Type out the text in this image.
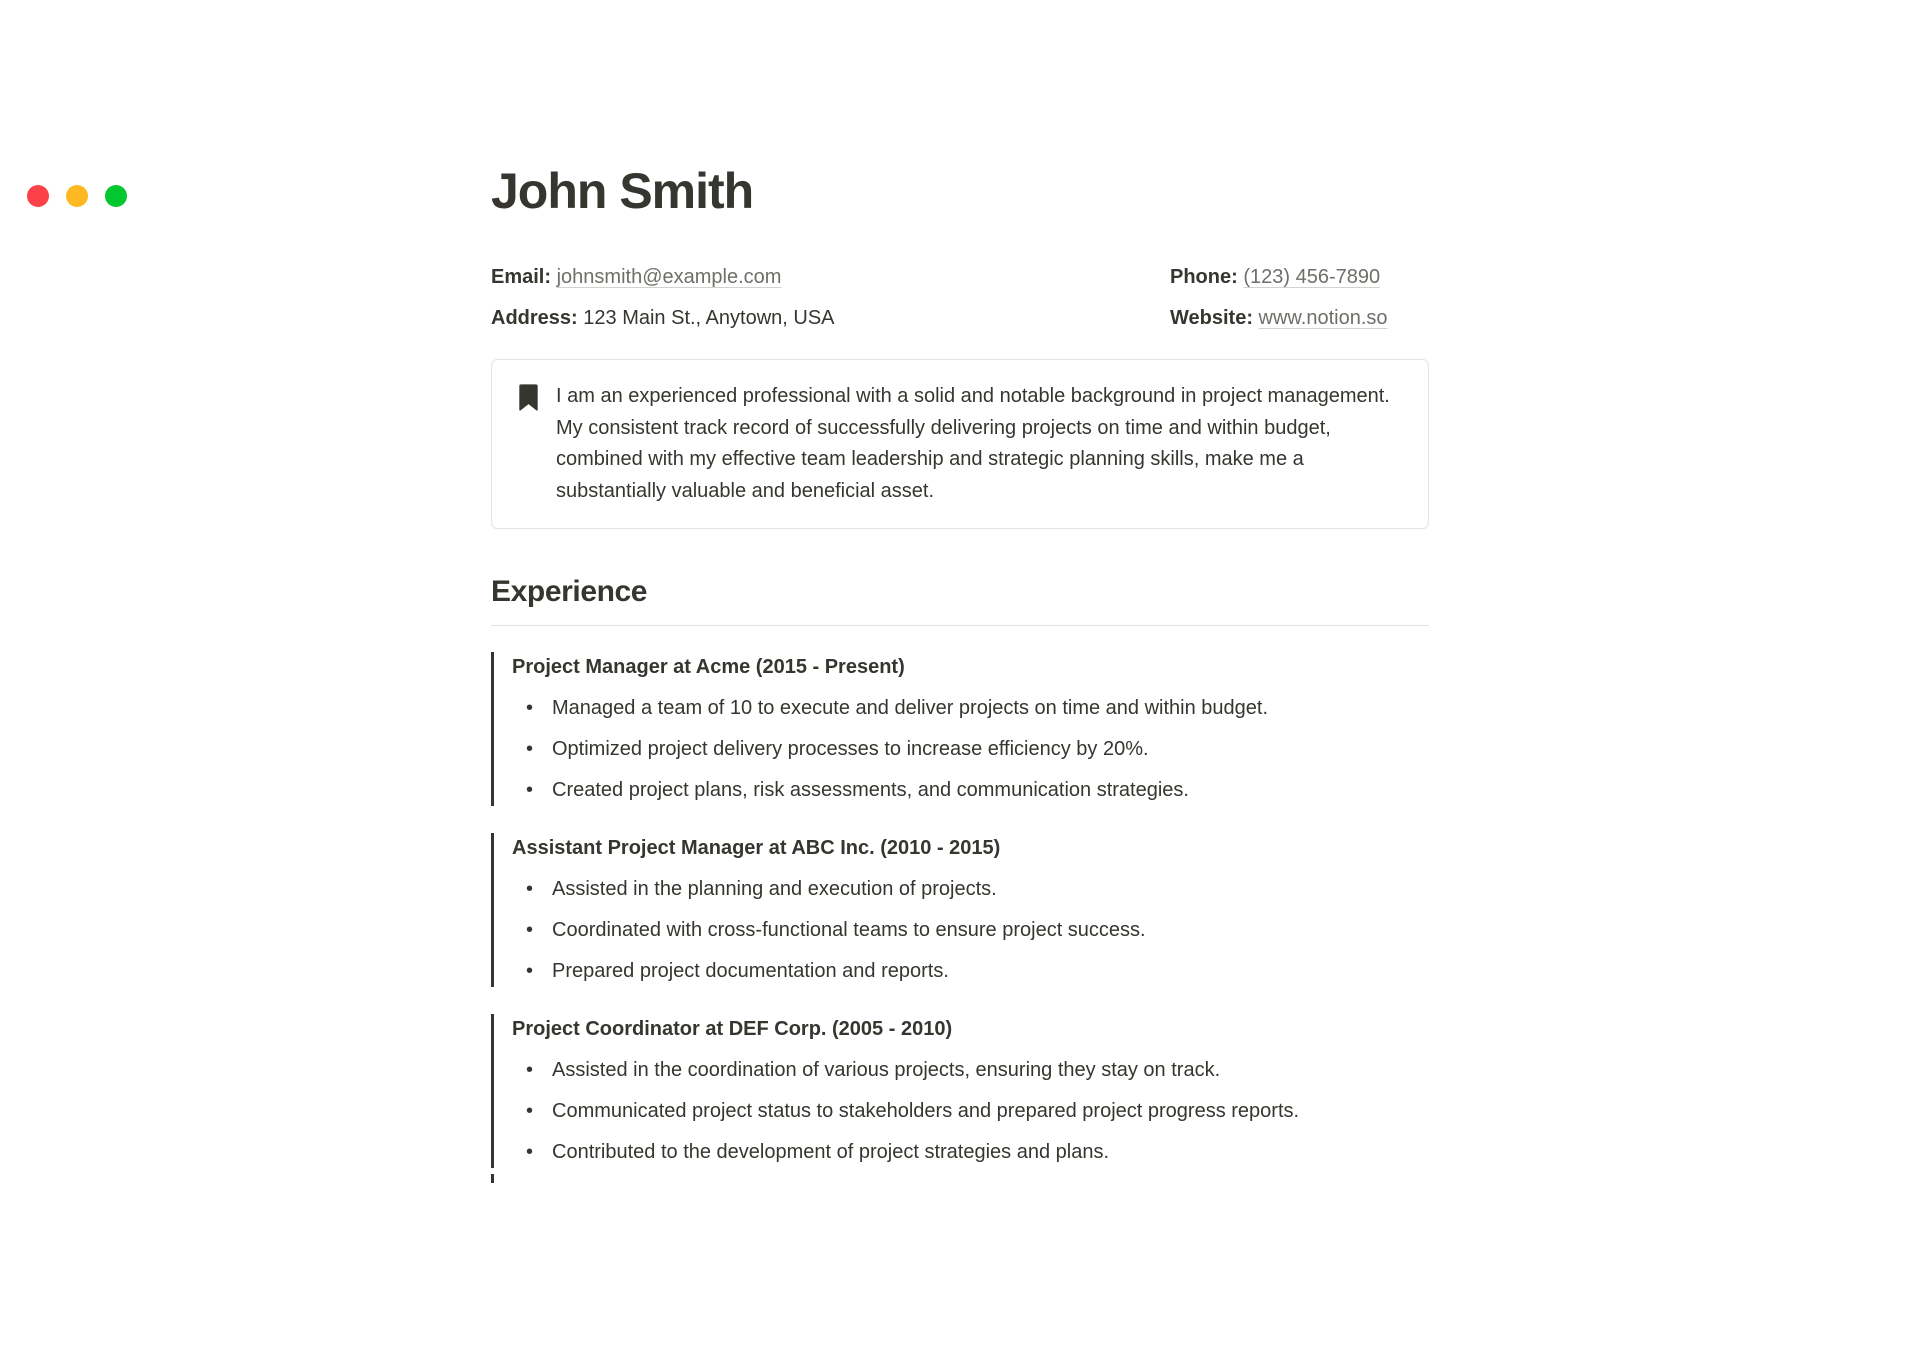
John Smith
Email: johnsmith@example.com	Phone: (123) 456-7890
Address: 123 Main St., Anytown, USA	Website: www.notion.so
I am an experienced professional with a solid and notable background in project management. My consistent track record of successfully delivering projects on time and within budget, combined with my effective team leadership and strategic planning skills, make me a substantially valuable and beneficial asset.
Experience
Project Manager at Acme (2015 - Present)
• Managed a team of 10 to execute and deliver projects on time and within budget.
• Optimized project delivery processes to increase efficiency by 20%.
• Created project plans, risk assessments, and communication strategies.
Assistant Project Manager at ABC Inc. (2010 - 2015)
• Assisted in the planning and execution of projects.
• Coordinated with cross-functional teams to ensure project success.
• Prepared project documentation and reports.
Project Coordinator at DEF Corp. (2005 - 2010)
• Assisted in the coordination of various projects, ensuring they stay on track.
• Communicated project status to stakeholders and prepared project progress reports.
• Contributed to the development of project strategies and plans.
